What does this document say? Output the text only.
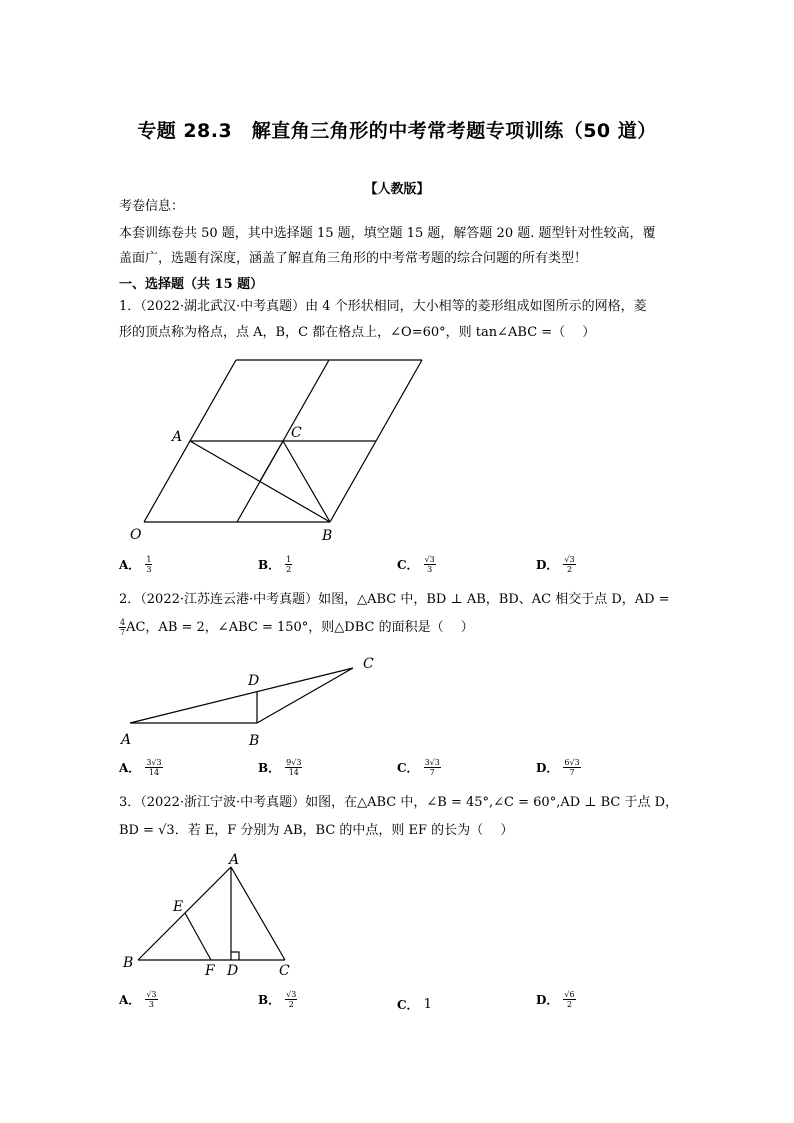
专题 28.3　解直角三角形的中考常考题专项训练（50 道）
【人教版】
考卷信息：
本套训练卷共 50 题，其中选择题 15 题，填空题 15 题，解答题 20 题. 题型针对性较高，覆
盖面广，选题有深度，涵盖了解直角三角形的中考常考题的综合问题的所有类型！
一、选择题（共 15 题）
1．（2022·湖北武汉·中考真题）由 4 个形状相同，大小相等的菱形组成如图所示的网格，菱
形的顶点称为格点，点 A，B，C 都在格点上，∠O=60°，则 tan∠ABC =（　 ）
A	C
O	B
A． $\frac{1}{3}$	B． $\frac{1}{2}$	C． $\frac{√3}{3}$	D． $\frac{√3}{2}$
2．（2022·江苏连云港·中考真题）如图，△ABC 中，BD ⊥ AB，BD、AC 相交于点 D，AD =
$\frac{4}{7}$ AC，AB = 2，∠ABC = 150°，则△DBC 的面积是（　 ）
D
C
A	B
A． $\frac{3√3}{14}$	B． $\frac{9√3}{14}$	C． $\frac{3√3}{7}$	D． $\frac{6√3}{7}$
3．（2022·浙江宁波·中考真题）如图，在△ABC 中，∠B = 45°,∠C = 60°,AD ⊥ BC 于点 D，
BD = √3．若 E，F 分别为 AB，BC 的中点，则 EF 的长为（　 ）
A
E
B	F D	C
A． $\frac{√3}{3}$	B． $\frac{√3}{2}$	C． 1	D． $\frac{√6}{2}$
